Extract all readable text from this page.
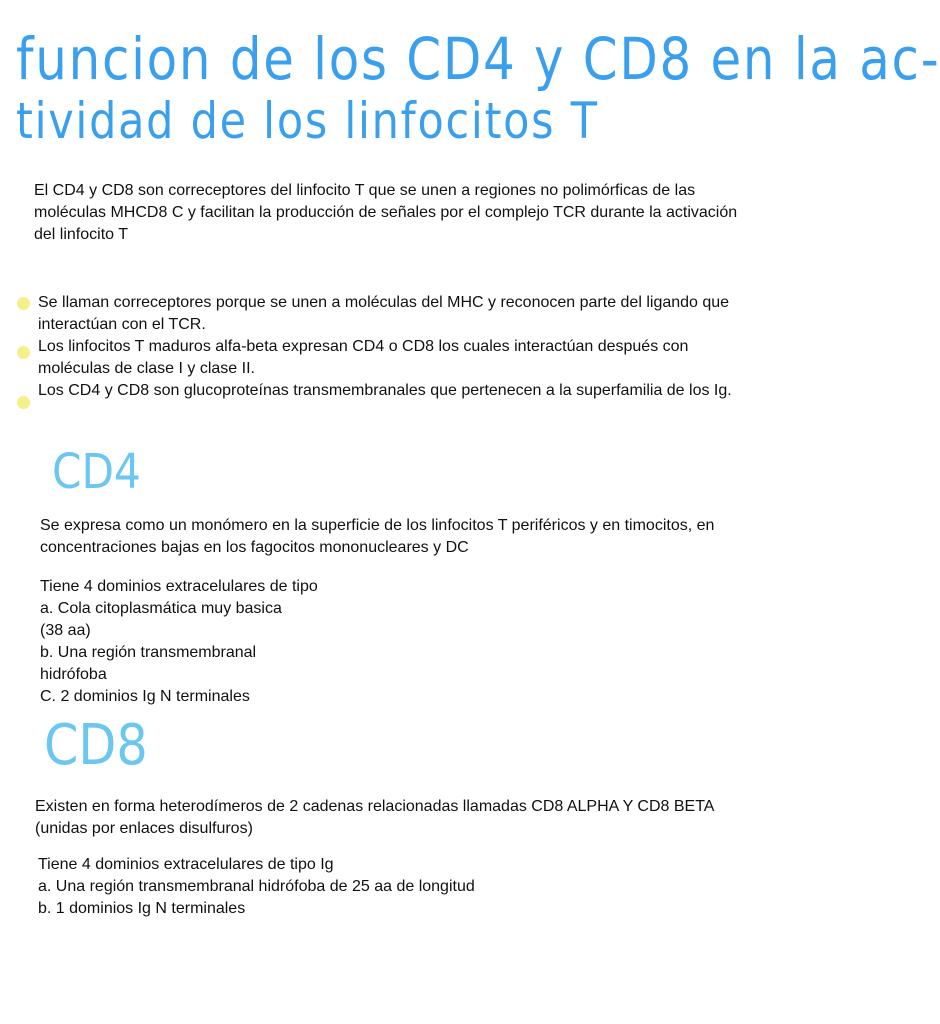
funcion de los CD4 y CD8 en la ac-
tividad de los linfocitos T

El CD4 y CD8 son correceptores del linfocito T que se unen a regiones no polimórficas de las moléculas MHCD8 C y facilitan la producción de señales por el complejo TCR durante la activación del linfocito T

Se llaman correceptores porque se unen a moléculas del MHC y reconocen parte del ligando que interactúan con el TCR.
Los linfocitos T maduros alfa-beta expresan CD4 o CD8 los cuales interactúan después con moléculas de clase I y clase II.
Los CD4 y CD8 son glucoproteínas transmembranales que pertenecen a la superfamilia de los Ig.
CD4

Se expresa como un monómero en la superficie de los linfocitos T periféricos y en timocitos, en concentraciones bajas en los fagocitos mononucleares y DC

Tiene 4 dominios extracelulares de tipo
a. Cola citoplasmática muy basica
(38 aa)
b. Una región transmembranal
hidrófoba
C. 2 dominios Ig N terminales
CD8

Existen en forma heterodímeros de 2 cadenas relacionadas llamadas CD8 ALPHA Y CD8 BETA (unidas por enlaces disulfuros)

Tiene 4 dominios extracelulares de tipo Ig
a. Una región transmembranal hidrófoba de 25 aa de longitud
b. 1 dominios Ig N terminales
